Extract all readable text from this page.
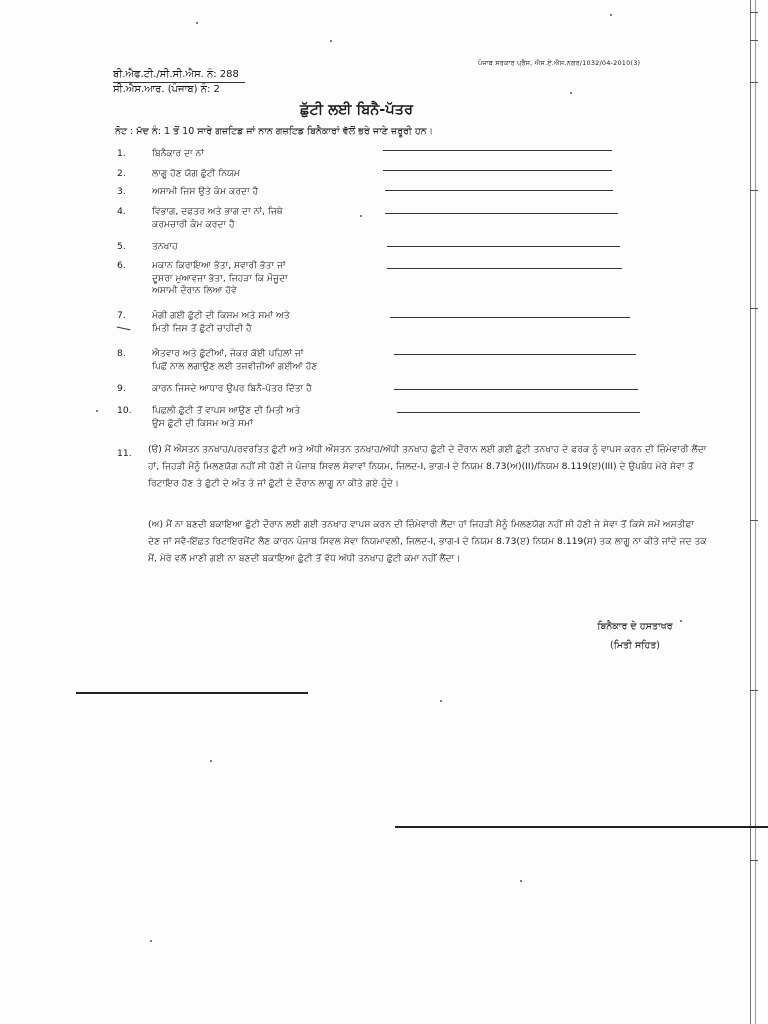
ਪੰਜਾਬ ਸਰਕਾਰ ਪ੍ਰੈਸ, ਐਸ.ਏ.ਐਸ.ਨਗਰ/1032/04-2010(3)
ਬੀ.ਐਫ.ਟੀ./ਸੀ.ਸੀ.ਐਸ. ਨੰ: 288
ਸੀ.ਐਸ.ਆਰ. (ਪੰਜਾਬ) ਨੰ: 2
ਛੁੱਟੀ ਲਈ ਬਿਨੈ-ਪੱਤਰ
ਨੋਟ : ਮੱਦ ਨੰ: 1 ਤੋਂ 10 ਸਾਰੇ ਗਜ਼ਟਿਡ ਜਾਂ ਨਾਨ ਗਜ਼ਟਿਡ ਬਿਨੈਕਾਰਾਂ ਵੱਲੋਂ ਭਰੇ ਜਾਣੇ ਜ਼ਰੂਰੀ ਹਨ।
1.	ਬਿਨੈਕਾਰ ਦਾ ਨਾਂ
2.	ਲਾਗੂ ਹੋਣ ਯੋਗ ਛੁੱਟੀ ਨਿਯਮ
3.	ਅਸਾਮੀ ਜਿਸ ਉਤੇ ਕੰਮ ਕਰਦਾ ਹੈ
4.	ਵਿਭਾਗ, ਦਫਤਰ ਅਤੇ ਭਾਗ ਦਾ ਨਾਂ, ਜਿਥੇ
ਕਰਮਚਾਰੀ ਕੰਮ ਕਰਦਾ ਹੈ
5.	ਤਨਖਾਹ
6.	ਮਕਾਨ ਕਿਰਾਇਆ ਭੱਤਾ, ਸਵਾਰੀ ਭੱਤਾ ਜਾਂ
ਦੂਸਰਾ ਮੁਆਵਜ਼ਾ ਭੱਤਾ, ਜਿਹੜਾ ਕਿ ਮੌਜੂਦਾ
ਅਸਾਮੀ ਦੌਰਾਨ ਲਿਆ ਹੋਵੇ
7.	ਮੰਗੀ ਗਈ ਛੁੱਟੀ ਦੀ ਕਿਸਮ ਅਤੇ ਸਮਾਂ ਅਤੇ
ਮਿਤੀ ਜਿਸ ਤੋਂ ਛੁੱਟੀ ਚਾਹੀਦੀ ਹੈ
8.	ਐਤਵਾਰ ਅਤੇ ਛੁੱਟੀਆਂ, ਜੇਕਰ ਕੋਈ ਪਹਿਲਾਂ ਜਾਂ
ਪਿਛੋਂ ਨਾਲ ਲਗਾਉਣ ਲਈ ਤਜਵੀਜ਼ੀਆਂ ਗਈਆਂ ਹੋਣ
9.	ਕਾਰਨ ਜਿਸਦੇ ਆਧਾਰ ਉਪਰ ਬਿਨੈ-ਪੱਤਰ ਦਿੱਤਾ ਹੈ
10. ਪਿਛਲੀ ਛੁੱਟੀ ਤੋਂ ਵਾਪਸ ਆਉਣ ਦੀ ਮਿਤੀ ਅਤੇ
ਉਸ ਛੁੱਟੀ ਦੀ ਕਿਸਮ ਅਤੇ ਸਮਾਂ
11. (ੳ) ਮੈਂ ਔਸਤਨ ਤਨਖਾਹ/ਪਰਵਰਤਿਤ ਛੁੱਟੀ ਅਤੇ ਅੱਧੀ ਔਸਤਨ ਤਨਖਾਹ/ਅੱਧੀ ਤਨਖਾਹ ਛੁੱਟੀ ਦੇ ਦੌਰਾਨ ਲਈ ਗਈ ਛੁੱਟੀ ਤਨਖਾਹ ਦੇ ਫਰਕ ਨੂੰ ਵਾਪਸ ਕਰਨ ਦੀ ਜ਼ਿੰਮੇਵਾਰੀ ਲੈਂਦਾ ਹਾਂ, ਜਿਹੜੀ ਮੈਨੂੰ ਮਿਲਣਯੋਗ ਨਹੀਂ ਸੀ ਹੋਣੀ ਜੇ ਪੰਜਾਬ ਸਿਵਲ ਸੇਵਾਵਾਂ ਨਿਯਮ, ਜਿਲਦ-I, ਭਾਗ-I ਦੇ ਨਿਯਮ 8.73(ਅ)(II)/ਨਿਯਮ 8.119(ੲ)(III) ਦੇ ਉਪਬੰਧ ਮੇਰੇ ਸੇਵਾ ਤੋਂ ਰਿਟਾਇਰ ਹੋਣ ਤੇ ਛੁੱਟੀ ਦੇ ਅੰਤ ਤੇ ਜਾਂ ਛੁੱਟੀ ਦੇ ਦੌਰਾਨ ਲਾਗੂ ਨਾ ਕੀਤੇ ਗਏ ਹੁੰਦੇ।
(ਅ) ਮੈਂ ਨਾ ਬਣਦੀ ਬਕਾਇਆ ਛੁੱਟੀ ਦੌਰਾਨ ਲਈ ਗਈ ਤਨਖਾਹ ਵਾਪਸ ਕਰਨ ਦੀ ਜ਼ਿੰਮੇਵਾਰੀ ਲੈਂਦਾ ਹਾਂ ਜਿਹੜੀ ਮੈਨੂੰ ਮਿਲਣਯੋਗ ਨਹੀਂ ਸੀ ਹੋਣੀ ਜੇ ਸੇਵਾ ਤੋਂ ਕਿਸੇ ਸਮੇਂ ਅਸਤੀਫਾ ਦੇਣ ਜਾਂ ਸਵੈ-ਇੱਛਤ ਰਿਟਾਇਰਮੈਂਟ ਲੈਣ ਕਾਰਨ ਪੰਜਾਬ ਸਿਵਲ ਸੇਵਾ ਨਿਯਮਾਵਲੀ, ਜਿਲਦ-I, ਭਾਗ-I ਦੇ ਨਿਯਮ 8.73(ੲ) ਨਿਯਮ 8.119(ਸ) ਤਕ ਲਾਗੂ ਨਾ ਕੀਤੇ ਜਾਂਦੇ ਜਦ ਤਕ ਮੈਂ, ਮੇਰੇ ਵਲੋਂ ਮਾਣੀ ਗਈ ਨਾ ਬਣਦੀ ਬਕਾਇਆ ਛੁੱਟੀ ਤੋਂ ਵੱਧ ਅੱਧੀ ਤਨਖਾਹ ਛੁੱਟੀ ਕਮਾ ਨਹੀਂ ਲੈਂਦਾ।
ਬਿਨੈਕਾਰ ਦੇ ਹਸਤਾਖਰ
(ਮਿਤੀ ਸਹਿਤ)
